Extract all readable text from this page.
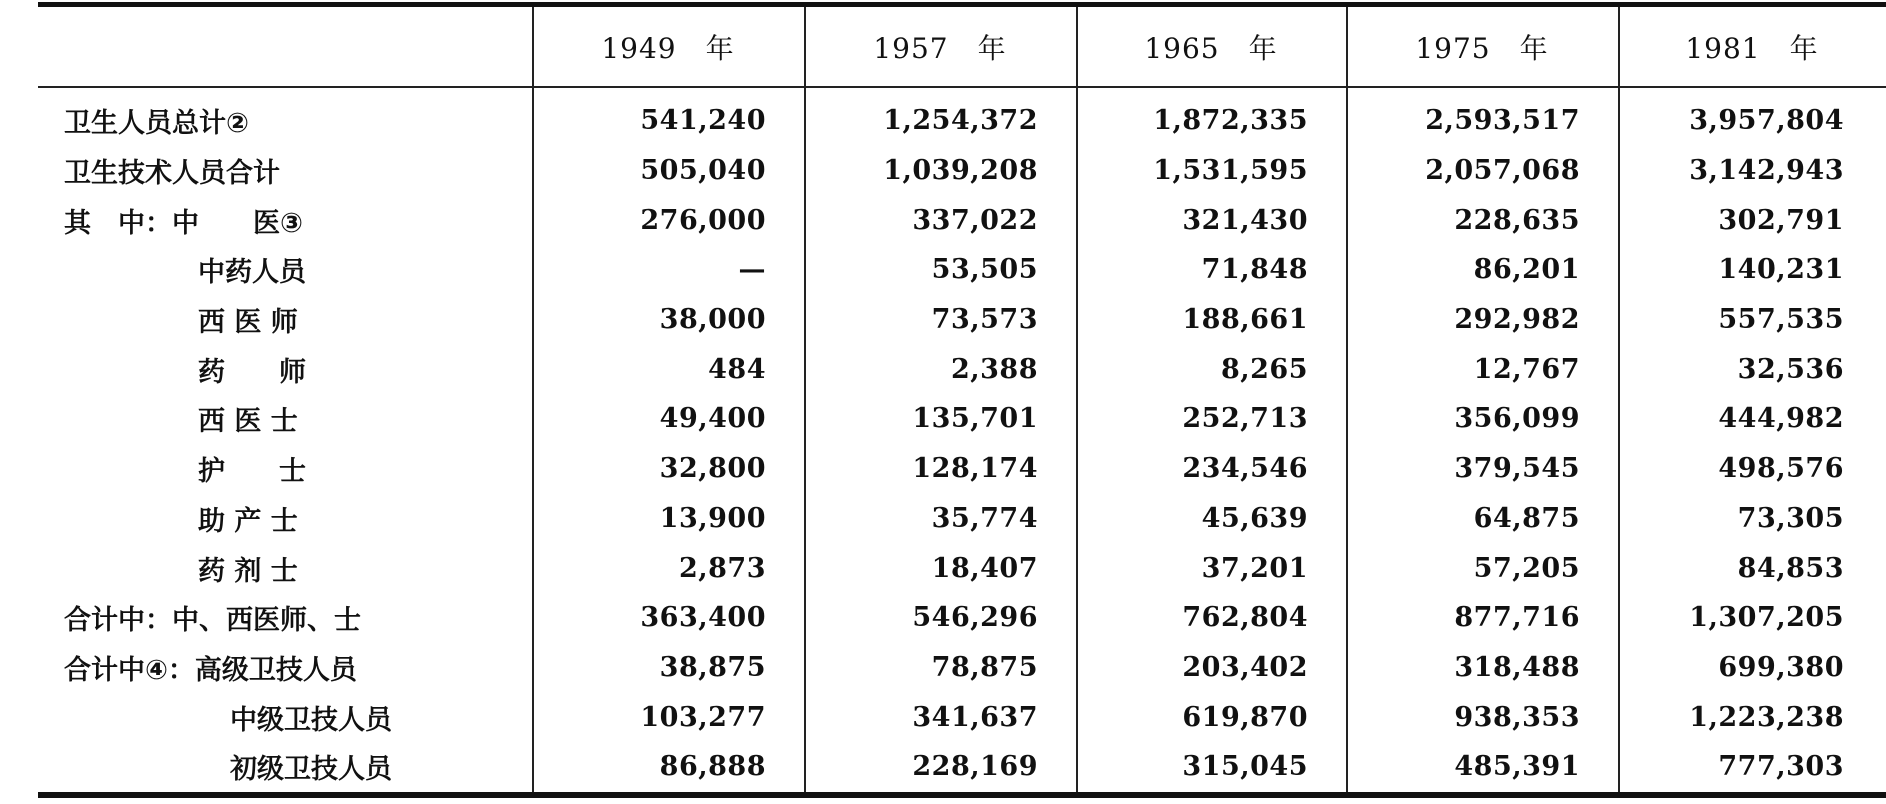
	1949　年	1957　年	1965　年	1975　年	1981　年
卫生人员总计②	541,240	1,254,372	1,872,335	2,593,517	3,957,804
卫生技术人员合计	505,040	1,039,208	1,531,595	2,057,068	3,142,943
其　中：中　　医③	276,000	337,022	321,430	228,635	302,791
中药人员	—	53,505	71,848	86,201	140,231
西 医 师	38,000	73,573	188,661	292,982	557,535
药　　师	484	2,388	8,265	12,767	32,536
西 医 士	49,400	135,701	252,713	356,099	444,982
护　　士	32,800	128,174	234,546	379,545	498,576
助 产 士	13,900	35,774	45,639	64,875	73,305
药 剂 士	2,873	18,407	37,201	57,205	84,853
合计中：中、西医师、士	363,400	546,296	762,804	877,716	1,307,205
合计中④：高级卫技人员	38,875	78,875	203,402	318,488	699,380
中级卫技人员	103,277	341,637	619,870	938,353	1,223,238
初级卫技人员	86,888	228,169	315,045	485,391	777,303
